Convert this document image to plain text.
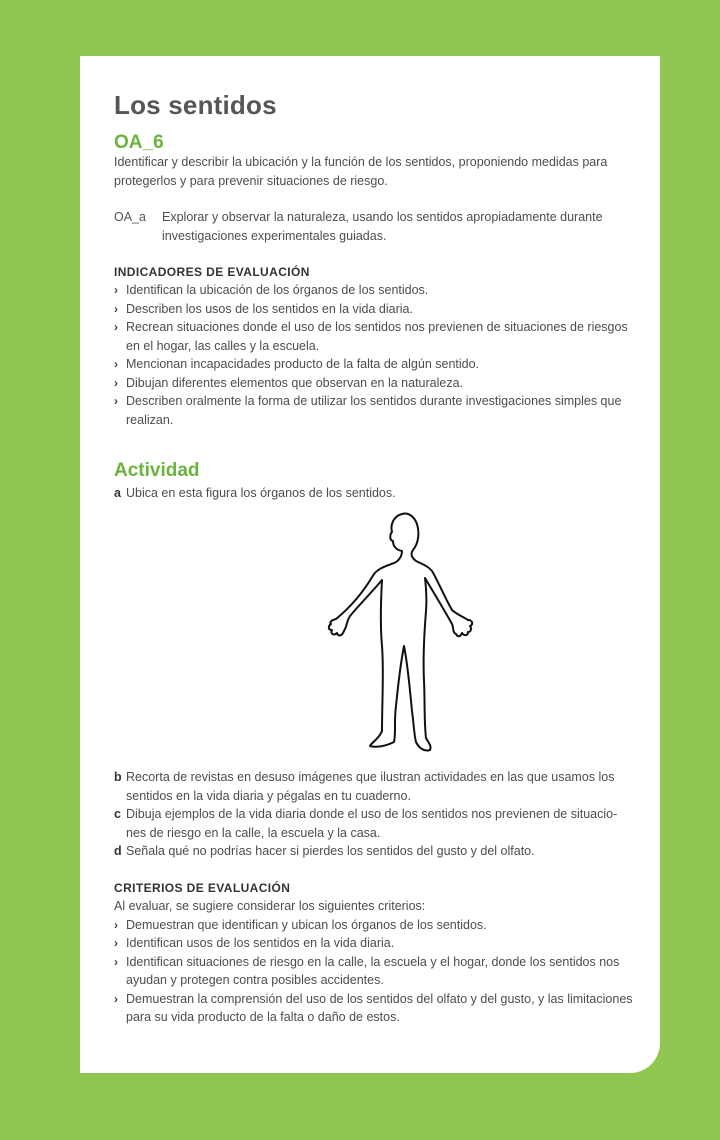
Los sentidos
OA_6
Identificar y describir la ubicación y la función de los sentidos, proponiendo medidas para protegerlos y para prevenir situaciones de riesgo.
OA_a	Explorar y observar la naturaleza, usando los sentidos apropiadamente durante investigaciones experimentales guiadas.
INDICADORES DE EVALUACIÓN
› Identifican la ubicación de los órganos de los sentidos.
› Describen los usos de los sentidos en la vida diaria.
› Recrean situaciones donde el uso de los sentidos nos previenen de situaciones de riesgos en el hogar, las calles y la escuela.
› Mencionan incapacidades producto de la falta de algún sentido.
› Dibujan diferentes elementos que observan en la naturaleza.
› Describen oralmente la forma de utilizar los sentidos durante investigaciones simples que realizan.
Actividad
a Ubica en esta figura los órganos de los sentidos.
b Recorta de revistas en desuso imágenes que ilustran actividades en las que usamos los sentidos en la vida diaria y pégalas en tu cuaderno.
c Dibuja ejemplos de la vida diaria donde el uso de los sentidos nos previenen de situacio-nes de riesgo en la calle, la escuela y la casa.
d Señala qué no podrías hacer si pierdes los sentidos del gusto y del olfato.
CRITERIOS DE EVALUACIÓN
Al evaluar, se sugiere considerar los siguientes criterios:
› Demuestran que identifican y ubican los órganos de los sentidos.
› Identifican usos de los sentidos en la vida diaria.
› Identifican situaciones de riesgo en la calle, la escuela y el hogar, donde los sentidos nos ayudan y protegen contra posibles accidentes.
› Demuestran la comprensión del uso de los sentidos del olfato y del gusto, y las limitaciones para su vida producto de la falta o daño de estos.
